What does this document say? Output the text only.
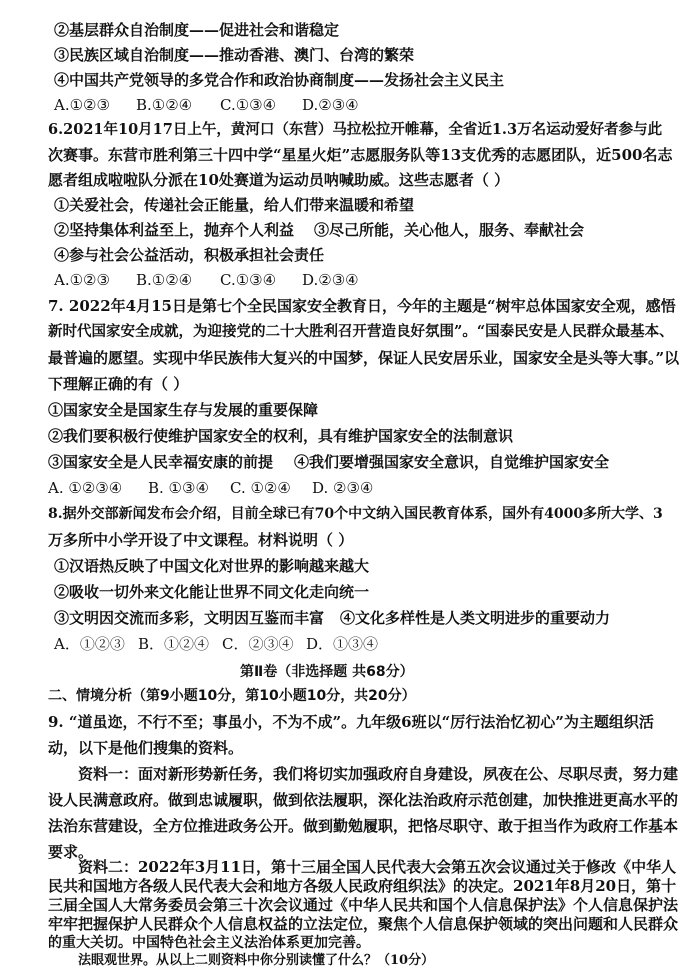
②基层群众自治制度——促进社会和谐稳定
③民族区域自治制度——推动香港、澳门、台湾的繁荣
④中国共产党领导的多党合作和政治协商制度——发扬社会主义民主
A.①②③ B.①②④ C.①③④ D.②③④
6.2021年10月17日上午，黄河口（东营）马拉松拉开帷幕，全省近1.3万名运动爱好者参与此
次赛事。东营市胜利第三十四中学“星星火炬”志愿服务队等13支优秀的志愿团队，近500名志
愿者组成啦啦队分派在10处赛道为运动员呐喊助威。这些志愿者（ ）
①关爱社会，传递社会正能量，给人们带来温暖和希望
②坚持集体利益至上，抛弃个人利益 ③尽己所能，关心他人，服务、奉献社会
④参与社会公益活动，积极承担社会责任
A.①②③ B.①②④ C.①③④ D.②③④
7. 2022年4月15日是第七个全民国家安全教育日，今年的主题是“树牢总体国家安全观，感悟
新时代国家安全成就，为迎接党的二十大胜利召开营造良好氛围”。“国泰民安是人民群众最基本、
最普遍的愿望。实现中华民族伟大复兴的中国梦，保证人民安居乐业，国家安全是头等大事。”以
下理解正确的有（ ）
①国家安全是国家生存与发展的重要保障
②我们要积极行使维护国家安全的权利，具有维护国家安全的法制意识
③国家安全是人民幸福安康的前提 ④我们要增强国家安全意识，自觉维护国家安全
A. ①②③④ B. ①③④ C. ①②④ D. ②③④
8.据外交部新闻发布会介绍，目前全球已有70个中文纳入国民教育体系，国外有4000多所大学、3
万多所中小学开设了中文课程。材料说明（ ）
①汉语热反映了中国文化对世界的影响越来越大
②吸收一切外来文化能让世界不同文化走向统一
③文明因交流而多彩，文明因互鉴而丰富 ④文化多样性是人类文明进步的重要动力
A．①②③ B．①②④ C．②③④ D．①③④
第Ⅱ卷（非选择题 共68分）
二、情境分析（第9小题10分，第10小题10分，共20分）
9. “道虽迩，不行不至；事虽小，不为不成”。九年级6班以“厉行法治忆初心”为主题组织活
动，以下是他们搜集的资料。
资料一：面对新形势新任务，我们将切实加强政府自身建设，夙夜在公、尽职尽责，努力建
设人民满意政府。做到忠诚履职，做到依法履职，深化法治政府示范创建，加快推进更高水平的
法治东营建设，全方位推进政务公开。做到勤勉履职，把恪尽职守、敢于担当作为政府工作基本
要求。
资料二：2022年3月11日，第十三届全国人民代表大会第五次会议通过关于修改《中华人
民共和国地方各级人民代表大会和地方各级人民政府组织法》的决定。2021年8月20日，第十
三届全国人大常务委员会第三十次会议通过《中华人民共和国个人信息保护法》个人信息保护法
牢牢把握保护人民群众个人信息权益的立法定位，聚焦个人信息保护领域的突出问题和人民群众
的重大关切。中国特色社会主义法治体系更加完善。
法眼观世界。从以上二则资料中你分别读懂了什么？（10分）
